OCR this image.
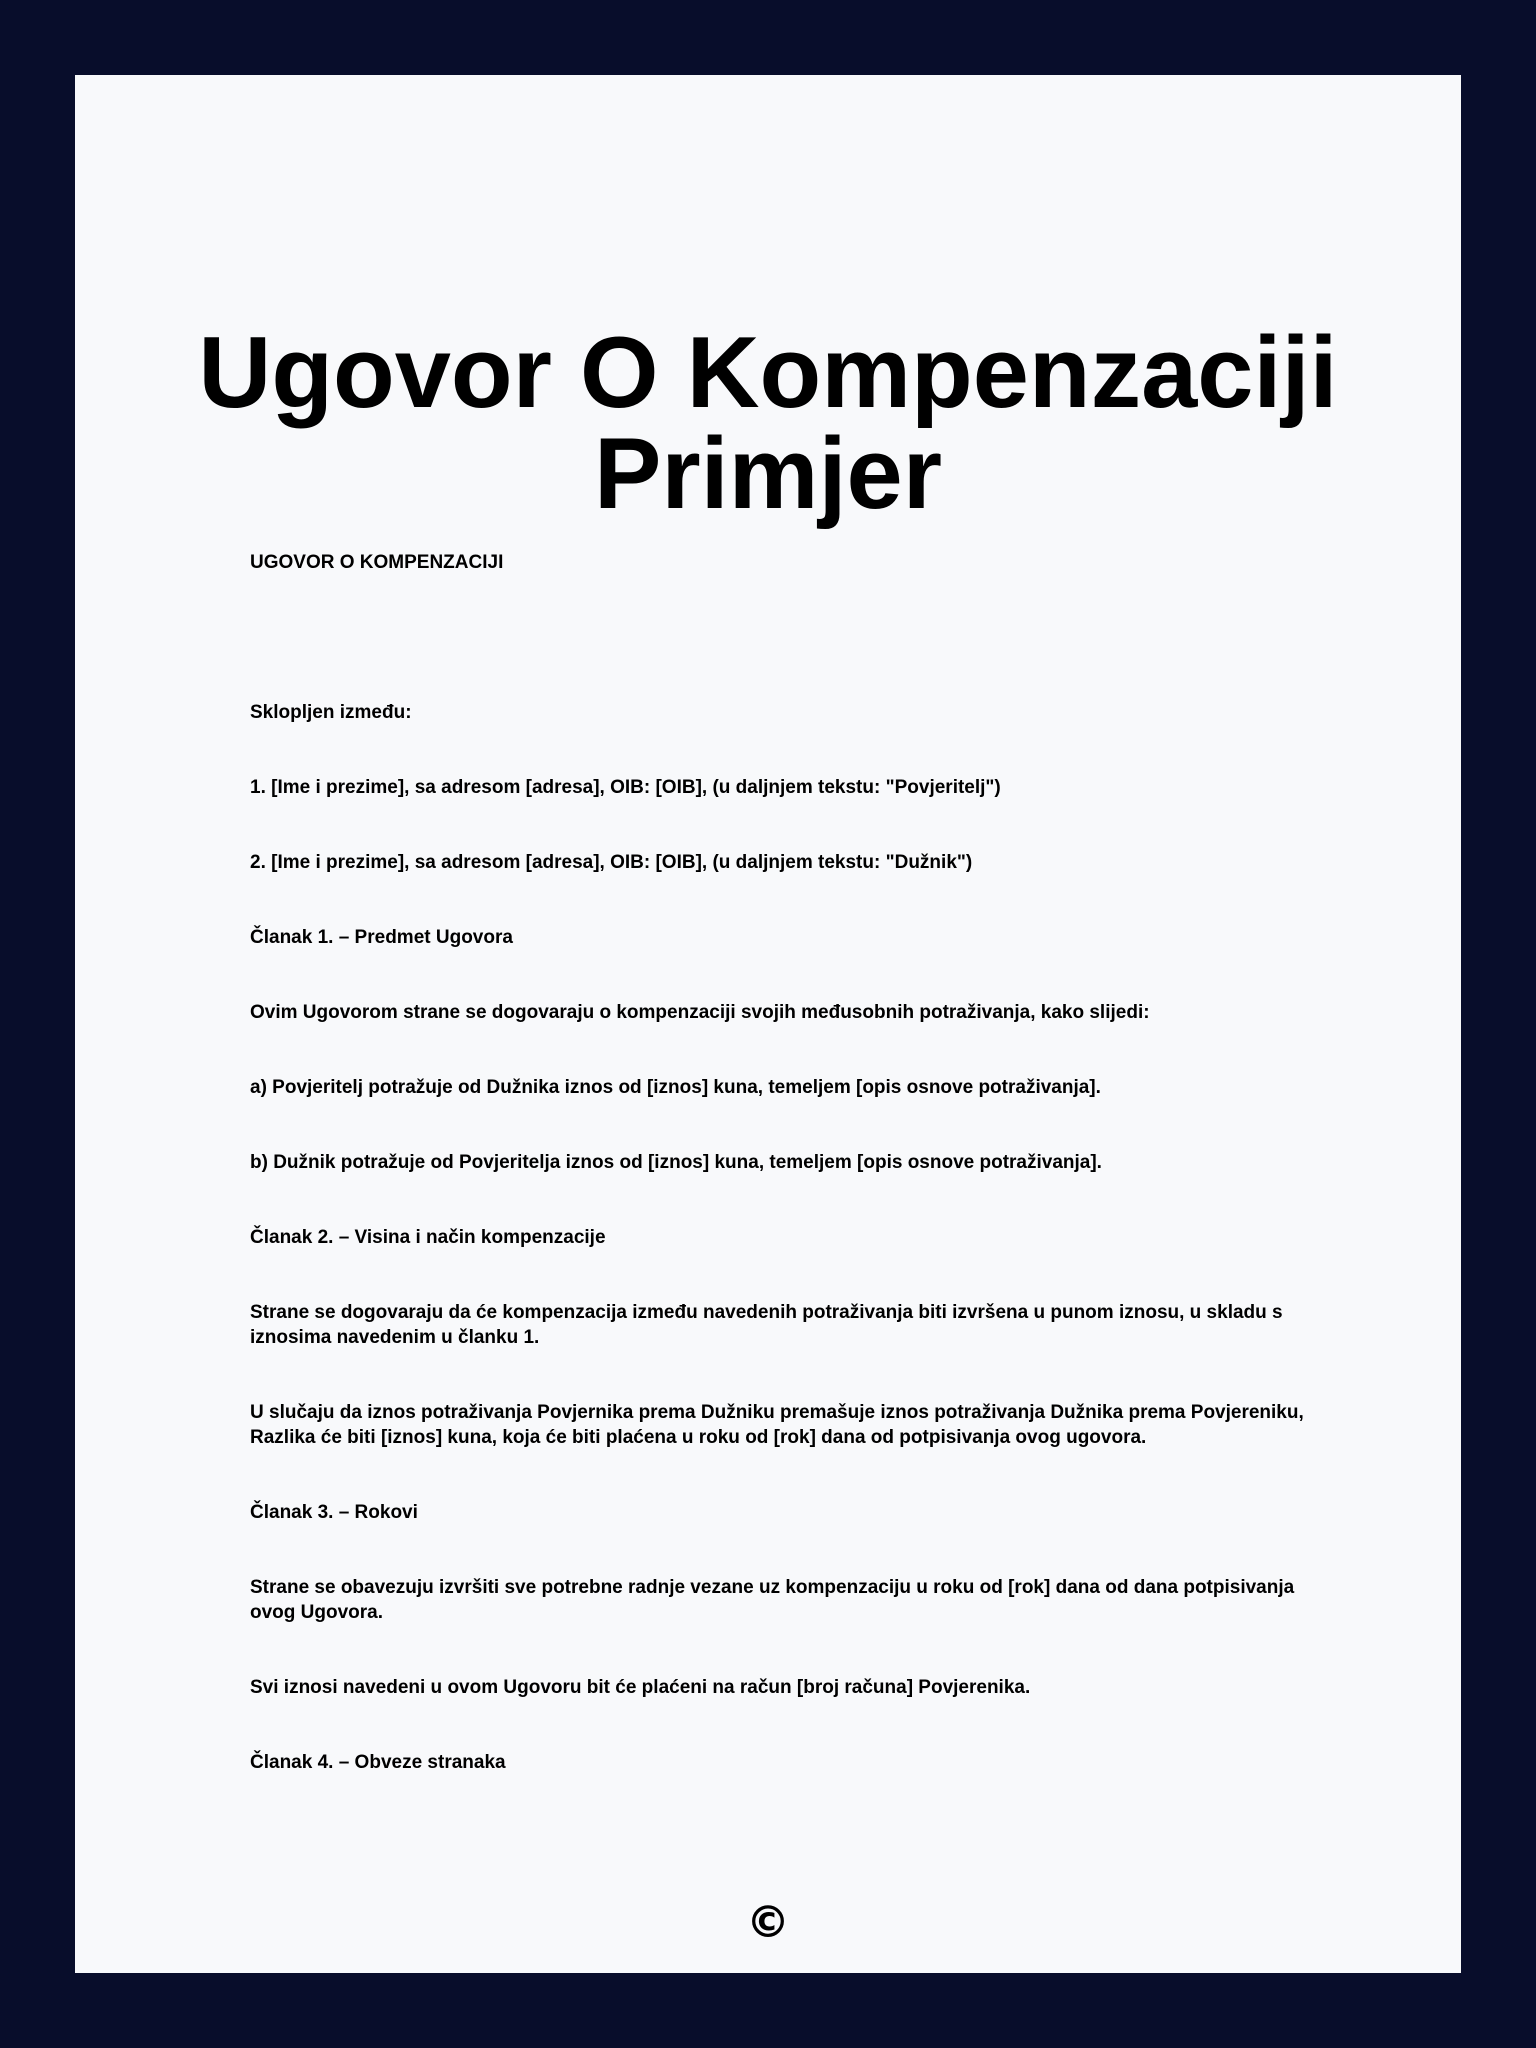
Ugovor O Kompenzaciji
Primjer

UGOVOR O KOMPENZACIJI

Sklopljen između:

1. [Ime i prezime], sa adresom [adresa], OIB: [OIB], (u daljnjem tekstu: "Povjeritelj")

2. [Ime i prezime], sa adresom [adresa], OIB: [OIB], (u daljnjem tekstu: "Dužnik")

Članak 1. – Predmet Ugovora

Ovim Ugovorom strane se dogovaraju o kompenzaciji svojih međusobnih potraživanja, kako slijedi:

a) Povjeritelj potražuje od Dužnika iznos od [iznos] kuna, temeljem [opis osnove potraživanja].

b) Dužnik potražuje od Povjeritelja iznos od [iznos] kuna, temeljem [opis osnove potraživanja].

Članak 2. – Visina i način kompenzacije

Strane se dogovaraju da će kompenzacija između navedenih potraživanja biti izvršena u punom iznosu, u skladu s iznosima navedenim u članku 1.

U slučaju da iznos potraživanja Povjernika prema Dužniku premašuje iznos potraživanja Dužnika prema Povjereniku, Razlika će biti [iznos] kuna, koja će biti plaćena u roku od [rok] dana od potpisivanja ovog ugovora.

Članak 3. – Rokovi

Strane se obavezuju izvršiti sve potrebne radnje vezane uz kompenzaciju u roku od [rok] dana od dana potpisivanja ovog Ugovora.

Svi iznosi navedeni u ovom Ugovoru bit će plaćeni na račun [broj računa] Povjerenika.

Članak 4. – Obveze stranaka

©
